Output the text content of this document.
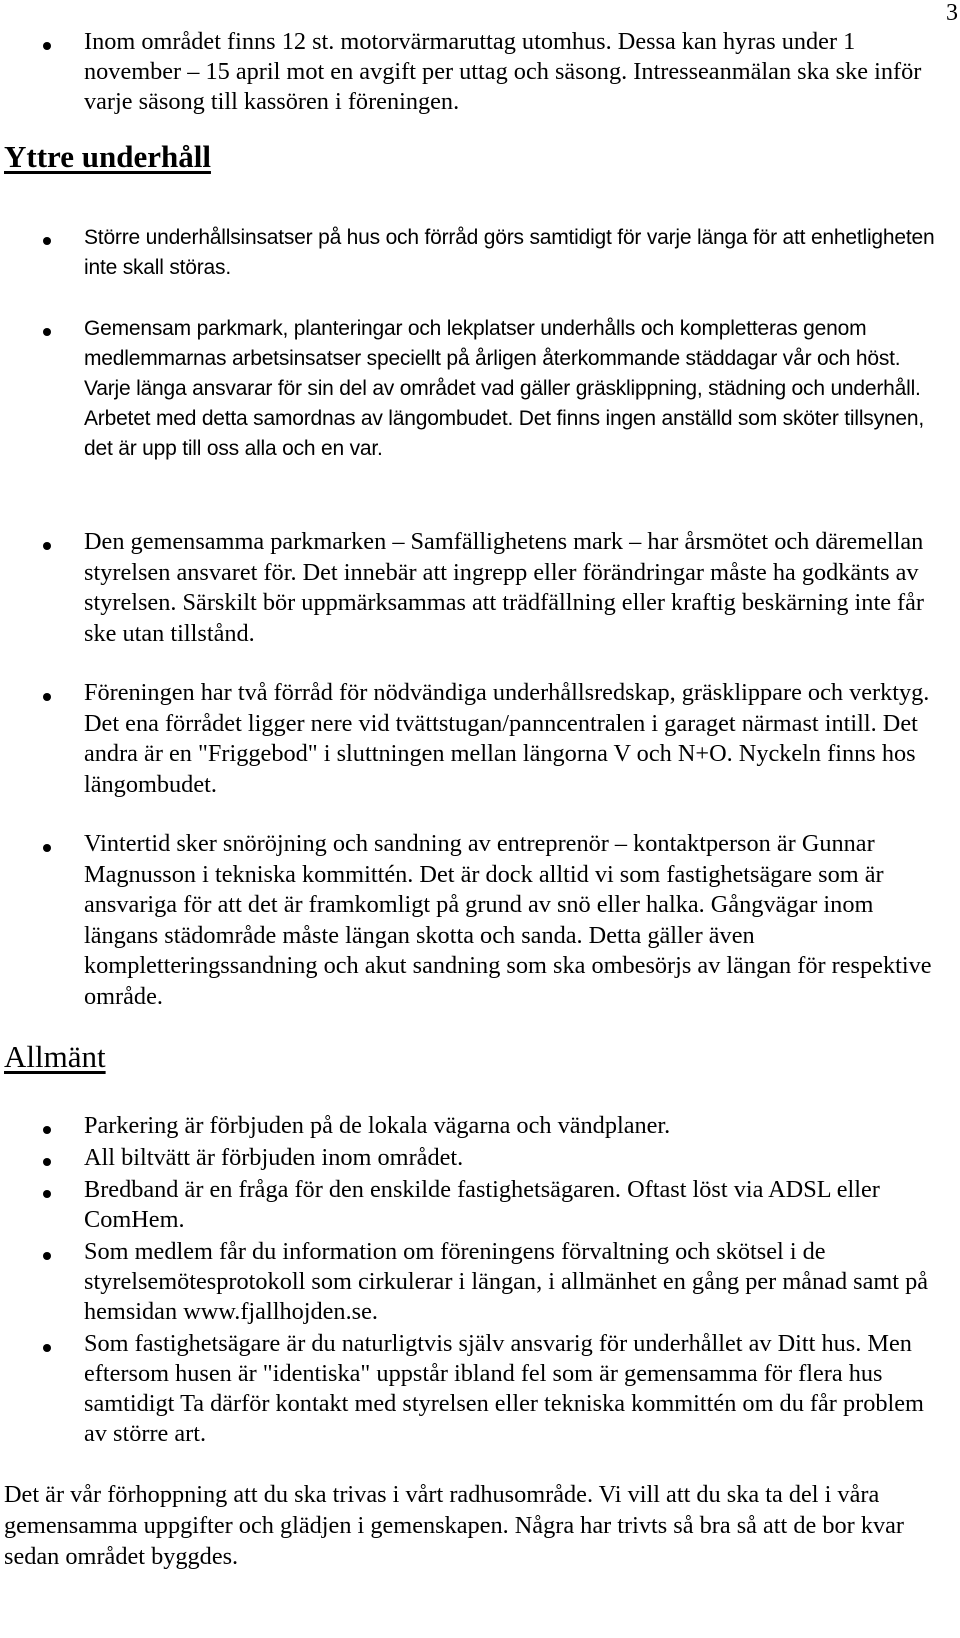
3
Inom området finns 12 st. motorvärmaruttag utomhus. Dessa kan hyras under 1 november – 15 april mot en avgift per uttag och säsong. Intresseanmälan ska ske inför varje säsong till kassören i föreningen.
Yttre underhåll
Större underhållsinsatser på hus och förråd görs samtidigt för varje länga för att enhetligheten inte skall störas.
Gemensam parkmark, planteringar och lekplatser underhålls och kompletteras genom medlemmarnas arbetsinsatser speciellt på årligen återkommande städdagar vår och höst. Varje länga ansvarar för sin del av området vad gäller gräsklippning, städning och underhåll. Arbetet med detta samordnas av längombudet. Det finns ingen anställd som sköter tillsynen, det är upp till oss alla och en var.
Den gemensamma parkmarken – Samfällighetens mark – har årsmötet och däremellan styrelsen ansvaret för. Det innebär att ingrepp eller förändringar måste ha godkänts av styrelsen. Särskilt bör uppmärksammas att trädfällning eller kraftig beskärning inte får ske utan tillstånd.
Föreningen har två förråd för nödvändiga underhållsredskap, gräsklippare och verktyg. Det ena förrådet ligger nere vid tvättstugan/panncentralen i garaget närmast intill. Det andra är en "Friggebod" i sluttningen mellan längorna V och N+O. Nyckeln finns hos längombudet.
Vintertid sker snöröjning och sandning av entreprenör – kontaktperson är Gunnar Magnusson i tekniska kommittén. Det är dock alltid vi som fastighetsägare som är ansvariga för att det är framkomligt på grund av snö eller halka. Gångvägar inom längans städområde måste längan skotta och sanda. Detta gäller även kompletteringssandning och akut sandning som ska ombesörjs av längan för respektive område.
Allmänt
Parkering är förbjuden på de lokala vägarna och vändplaner.
All biltvätt är förbjuden inom området.
Bredband är en fråga för den enskilde fastighetsägaren. Oftast löst via ADSL eller ComHem.
Som medlem får du information om föreningens förvaltning och skötsel i de styrelsemötesprotokoll som cirkulerar i längan, i allmänhet en gång per månad samt på hemsidan www.fjallhojden.se.
Som fastighetsägare är du naturligtvis själv ansvarig för underhållet av Ditt hus. Men eftersom husen är "identiska" uppstår ibland fel som är gemensamma för flera hus samtidigt Ta därför kontakt med styrelsen eller tekniska kommittén om du får problem av större art.

Det är vår förhoppning att du ska trivas i vårt radhusområde. Vi vill att du ska ta del i våra gemensamma uppgifter och glädjen i gemenskapen. Några har trivts så bra så att de bor kvar sedan området byggdes.
